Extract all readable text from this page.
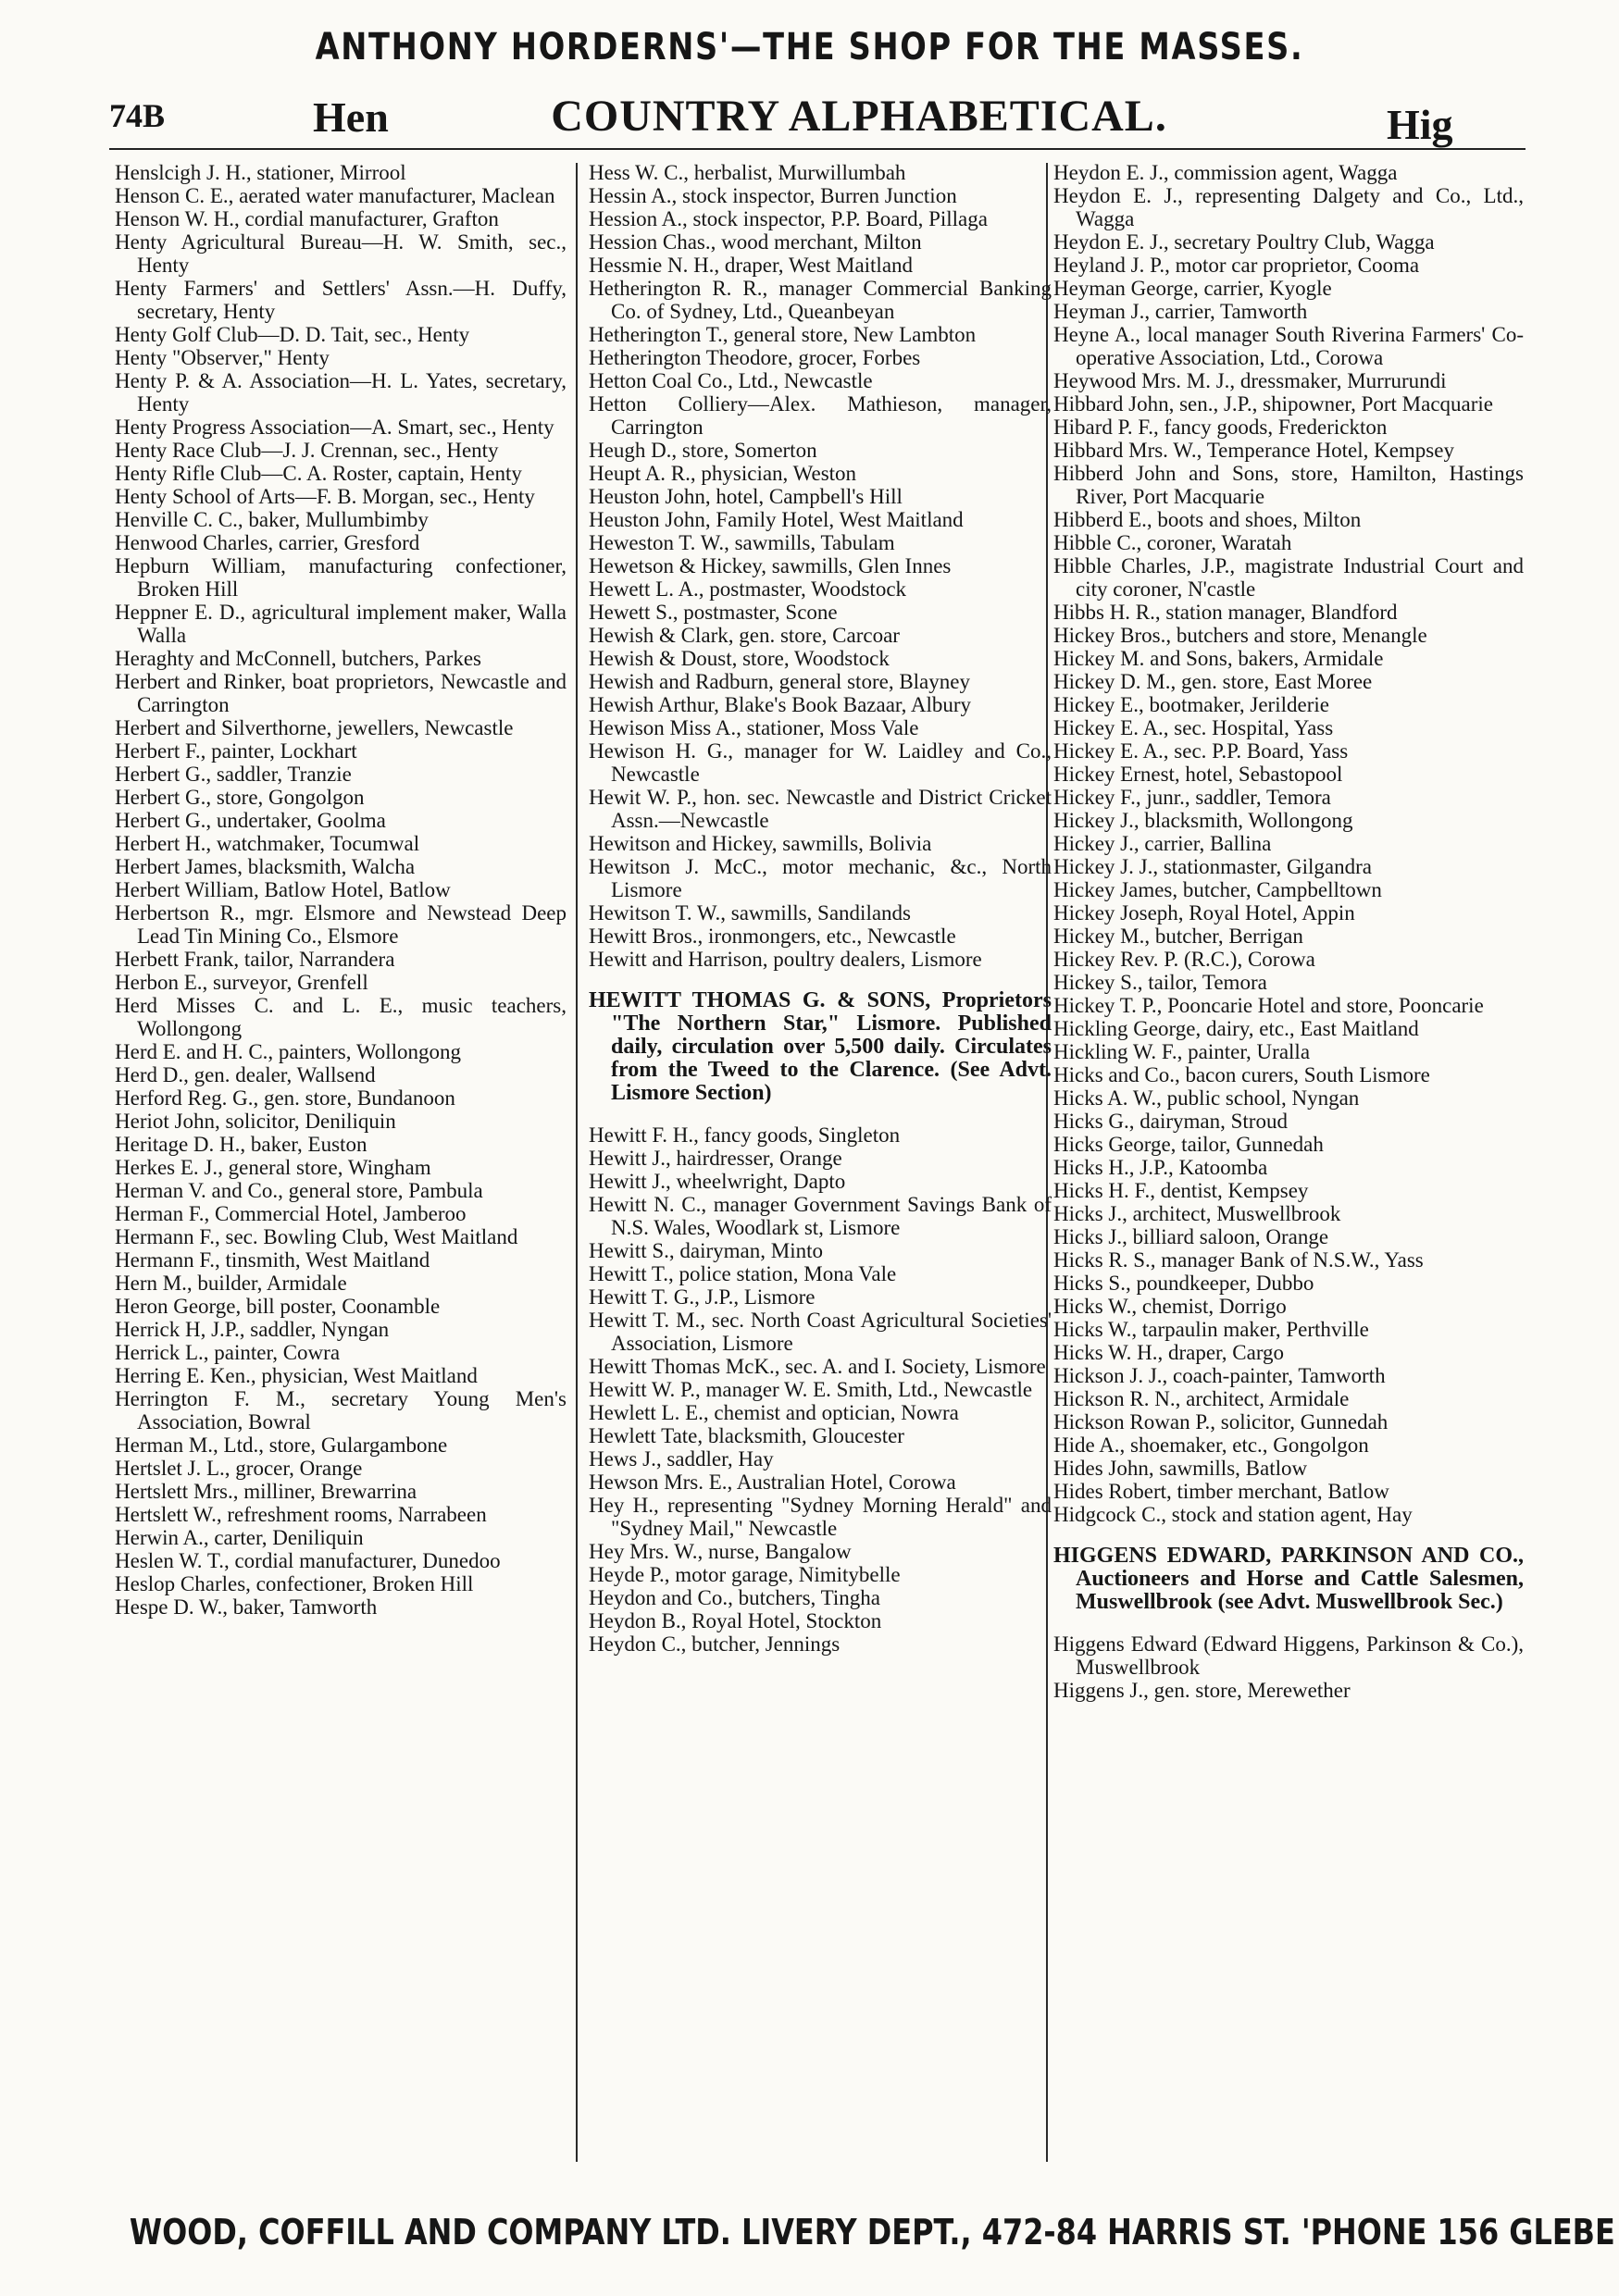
ANTHONY HORDERNS'—THE SHOP FOR THE MASSES.
74B	Hen	COUNTRY ALPHABETICAL.	Hig

Henslcigh J. H., stationer, Mirrool

Henson C. E., aerated water manufacturer, Maclean

Henson W. H., cordial manufacturer, Grafton

Henty Agricultural Bureau—H. W. Smith, sec., Henty

Henty Farmers' and Settlers' Assn.—H. Duffy, secretary, Henty

Henty Golf Club—D. D. Tait, sec., Henty

Henty "Observer," Henty

Henty P. & A. Association—H. L. Yates, secretary, Henty

Henty Progress Association—A. Smart, sec., Henty

Henty Race Club—J. J. Crennan, sec., Henty

Henty Rifle Club—C. A. Roster, captain, Henty

Henty School of Arts—F. B. Morgan, sec., Henty

Henville C. C., baker, Mullumbimby

Henwood Charles, carrier, Gresford

Hepburn William, manufacturing confectioner, Broken Hill

Heppner E. D., agricultural implement maker, Walla Walla

Heraghty and McConnell, butchers, Parkes

Herbert and Rinker, boat proprietors, Newcastle and Carrington

Herbert and Silverthorne, jewellers, Newcastle

Herbert F., painter, Lockhart

Herbert G., saddler, Tranzie

Herbert G., store, Gongolgon

Herbert G., undertaker, Goolma

Herbert H., watchmaker, Tocumwal

Herbert James, blacksmith, Walcha

Herbert William, Batlow Hotel, Batlow

Herbertson R., mgr. Elsmore and Newstead Deep Lead Tin Mining Co., Elsmore

Herbett Frank, tailor, Narrandera

Herbon E., surveyor, Grenfell

Herd Misses C. and L. E., music teachers, Wollongong

Herd E. and H. C., painters, Wollongong

Herd D., gen. dealer, Wallsend

Herford Reg. G., gen. store, Bundanoon

Heriot John, solicitor, Deniliquin

Heritage D. H., baker, Euston

Herkes E. J., general store, Wingham

Herman V. and Co., general store, Pambula

Herman F., Commercial Hotel, Jamberoo

Hermann F., sec. Bowling Club, West Maitland

Hermann F., tinsmith, West Maitland

Hern M., builder, Armidale

Heron George, bill poster, Coonamble

Herrick H, J.P., saddler, Nyngan

Herrick L., painter, Cowra

Herring E. Ken., physician, West Maitland

Herrington F. M., secretary Young Men's Association, Bowral

Herman M., Ltd., store, Gulargambone

Hertslet J. L., grocer, Orange

Hertslett Mrs., milliner, Brewarrina

Hertslett W., refreshment rooms, Narrabeen

Herwin A., carter, Deniliquin

Heslen W. T., cordial manufacturer, Dunedoo

Heslop Charles, confectioner, Broken Hill

Hespe D. W., baker, Tamworth

Hess W. C., herbalist, Murwillumbah

Hessin A., stock inspector, Burren Junction

Hession A., stock inspector, P.P. Board, Pillaga

Hession Chas., wood merchant, Milton

Hessmie N. H., draper, West Maitland

Hetherington R. R., manager Commercial Banking Co. of Sydney, Ltd., Queanbeyan

Hetherington T., general store, New Lambton

Hetherington Theodore, grocer, Forbes

Hetton Coal Co., Ltd., Newcastle

Hetton Colliery—Alex. Mathieson, manager, Carrington

Heugh D., store, Somerton

Heupt A. R., physician, Weston

Heuston John, hotel, Campbell's Hill

Heuston John, Family Hotel, West Maitland

Heweston T. W., sawmills, Tabulam

Hewetson & Hickey, sawmills, Glen Innes

Hewett L. A., postmaster, Woodstock

Hewett S., postmaster, Scone

Hewish & Clark, gen. store, Carcoar

Hewish & Doust, store, Woodstock

Hewish and Radburn, general store, Blayney

Hewish Arthur, Blake's Book Bazaar, Albury

Hewison Miss A., stationer, Moss Vale

Hewison H. G., manager for W. Laidley and Co., Newcastle

Hewit W. P., hon. sec. Newcastle and District Cricket Assn.—Newcastle

Hewitson and Hickey, sawmills, Bolivia

Hewitson J. McC., motor mechanic, &c., North Lismore

Hewitson T. W., sawmills, Sandilands

Hewitt Bros., ironmongers, etc., Newcastle

Hewitt and Harrison, poultry dealers, Lismore

HEWITT THOMAS G. & SONS, Proprietors "The Northern Star," Lismore. Published daily, circulation over 5,500 daily. Circulates from the Tweed to the Clarence. (See Advt. Lismore Section)

Hewitt F. H., fancy goods, Singleton

Hewitt J., hairdresser, Orange

Hewitt J., wheelwright, Dapto

Hewitt N. C., manager Government Savings Bank of N.S. Wales, Woodlark st, Lismore

Hewitt S., dairyman, Minto

Hewitt T., police station, Mona Vale

Hewitt T. G., J.P., Lismore

Hewitt T. M., sec. North Coast Agricultural Societies' Association, Lismore

Hewitt Thomas McK., sec. A. and I. Society, Lismore

Hewitt W. P., manager W. E. Smith, Ltd., Newcastle

Hewlett L. E., chemist and optician, Nowra

Hewlett Tate, blacksmith, Gloucester

Hews J., saddler, Hay

Hewson Mrs. E., Australian Hotel, Corowa

Hey H., representing "Sydney Morning Herald" and "Sydney Mail," Newcastle

Hey Mrs. W., nurse, Bangalow

Heyde P., motor garage, Nimitybelle

Heydon and Co., butchers, Tingha

Heydon B., Royal Hotel, Stockton

Heydon C., butcher, Jennings

Heydon E. J., commission agent, Wagga

Heydon E. J., representing Dalgety and Co., Ltd., Wagga

Heydon E. J., secretary Poultry Club, Wagga

Heyland J. P., motor car proprietor, Cooma

Heyman George, carrier, Kyogle

Heyman J., carrier, Tamworth

Heyne A., local manager South Riverina Farmers' Co-operative Association, Ltd., Corowa

Heywood Mrs. M. J., dressmaker, Murrurundi

Hibbard John, sen., J.P., shipowner, Port Macquarie

Hibard P. F., fancy goods, Frederickton

Hibbard Mrs. W., Temperance Hotel, Kempsey

Hibberd John and Sons, store, Hamilton, Hastings River, Port Macquarie

Hibberd E., boots and shoes, Milton

Hibble C., coroner, Waratah

Hibble Charles, J.P., magistrate Industrial Court and city coroner, N'castle

Hibbs H. R., station manager, Blandford

Hickey Bros., butchers and store, Menangle

Hickey M. and Sons, bakers, Armidale

Hickey D. M., gen. store, East Moree

Hickey E., bootmaker, Jerilderie

Hickey E. A., sec. Hospital, Yass

Hickey E. A., sec. P.P. Board, Yass

Hickey Ernest, hotel, Sebastopool

Hickey F., junr., saddler, Temora

Hickey J., blacksmith, Wollongong

Hickey J., carrier, Ballina

Hickey J. J., stationmaster, Gilgandra

Hickey James, butcher, Campbelltown

Hickey Joseph, Royal Hotel, Appin

Hickey M., butcher, Berrigan

Hickey Rev. P. (R.C.), Corowa

Hickey S., tailor, Temora

Hickey T. P., Pooncarie Hotel and store, Pooncarie

Hickling George, dairy, etc., East Maitland

Hickling W. F., painter, Uralla

Hicks and Co., bacon curers, South Lismore

Hicks A. W., public school, Nyngan

Hicks G., dairyman, Stroud

Hicks George, tailor, Gunnedah

Hicks H., J.P., Katoomba

Hicks H. F., dentist, Kempsey

Hicks J., architect, Muswellbrook

Hicks J., billiard saloon, Orange

Hicks R. S., manager Bank of N.S.W., Yass

Hicks S., poundkeeper, Dubbo

Hicks W., chemist, Dorrigo

Hicks W., tarpaulin maker, Perthville

Hicks W. H., draper, Cargo

Hickson J. J., coach-painter, Tamworth

Hickson R. N., architect, Armidale

Hickson Rowan P., solicitor, Gunnedah

Hide A., shoemaker, etc., Gongolgon

Hides John, sawmills, Batlow

Hides Robert, timber merchant, Batlow

Hidgcock C., stock and station agent, Hay

HIGGENS EDWARD, PARKINSON AND CO., Auctioneers and Horse and Cattle Salesmen, Muswellbrook (see Advt. Muswellbrook Sec.)

Higgens Edward (Edward Higgens, Parkinson & Co.), Muswellbrook

Higgens J., gen. store, Merewether

WOOD, COFFILL AND COMPANY LTD. LIVERY DEPT., 472-84 HARRIS ST. 'PHONE 156 GLEBE
